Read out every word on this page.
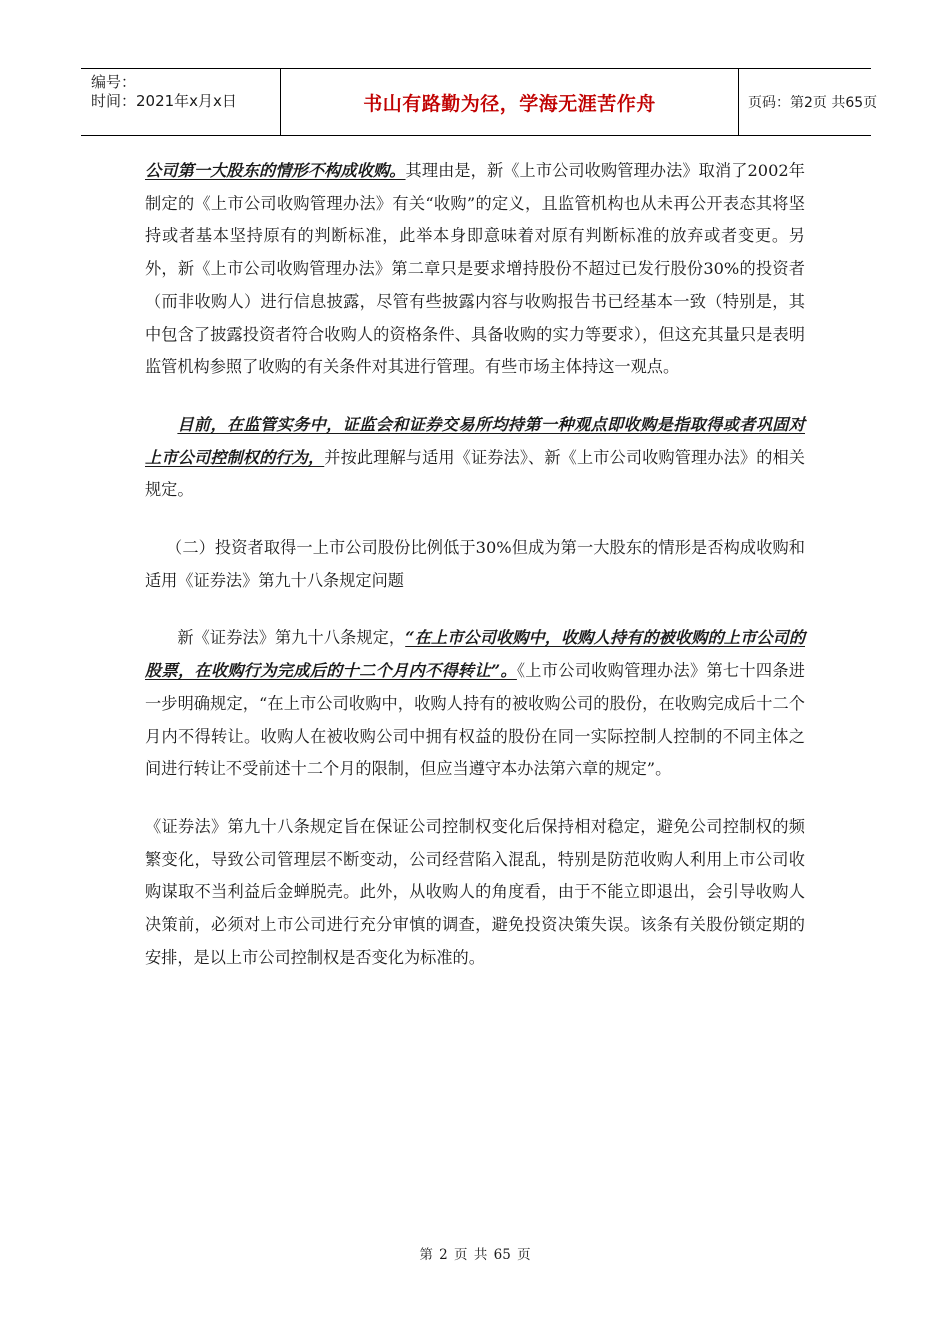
编号：
时间：2021年x月x日	书山有路勤为径，学海无涯苦作舟	页码：第2页 共65页

公司第一大股东的情形不构成收购。其理由是，新《上市公司收购管理办法》取消了2002年制定的《上市公司收购管理办法》有关“收购”的定义，且监管机构也从未再公开表态其将坚持或者基本坚持原有的判断标准，此举本身即意味着对原有判断标准的放弃或者变更。另外，新《上市公司收购管理办法》第二章只是要求增持股份不超过已发行股份30%的投资者（而非收购人）进行信息披露，尽管有些披露内容与收购报告书已经基本一致（特别是，其中包含了披露投资者符合收购人的资格条件、具备收购的实力等要求），但这充其量只是表明监管机构参照了收购的有关条件对其进行管理。有些市场主体持这一观点。

目前，在监管实务中，证监会和证券交易所均持第一种观点即收购是指取得或者巩固对上市公司控制权的行为，并按此理解与适用《证券法》、新《上市公司收购管理办法》的相关规定。

（二）投资者取得一上市公司股份比例低于30%但成为第一大股东的情形是否构成收购和适用《证券法》第九十八条规定问题

新《证券法》第九十八条规定，“在上市公司收购中，收购人持有的被收购的上市公司的股票，在收购行为完成后的十二个月内不得转让”。《上市公司收购管理办法》第七十四条进一步明确规定，“在上市公司收购中，收购人持有的被收购公司的股份，在收购完成后十二个月内不得转让。收购人在被收购公司中拥有权益的股份在同一实际控制人控制的不同主体之间进行转让不受前述十二个月的限制，但应当遵守本办法第六章的规定”。

《证券法》第九十八条规定旨在保证公司控制权变化后保持相对稳定，避免公司控制权的频繁变化，导致公司管理层不断变动，公司经营陷入混乱，特别是防范收购人利用上市公司收购谋取不当利益后金蝉脱壳。此外，从收购人的角度看，由于不能立即退出，会引导收购人决策前，必须对上市公司进行充分审慎的调查，避免投资决策失误。该条有关股份锁定期的安排，是以上市公司控制权是否变化为标准的。

第 2 页 共 65 页
